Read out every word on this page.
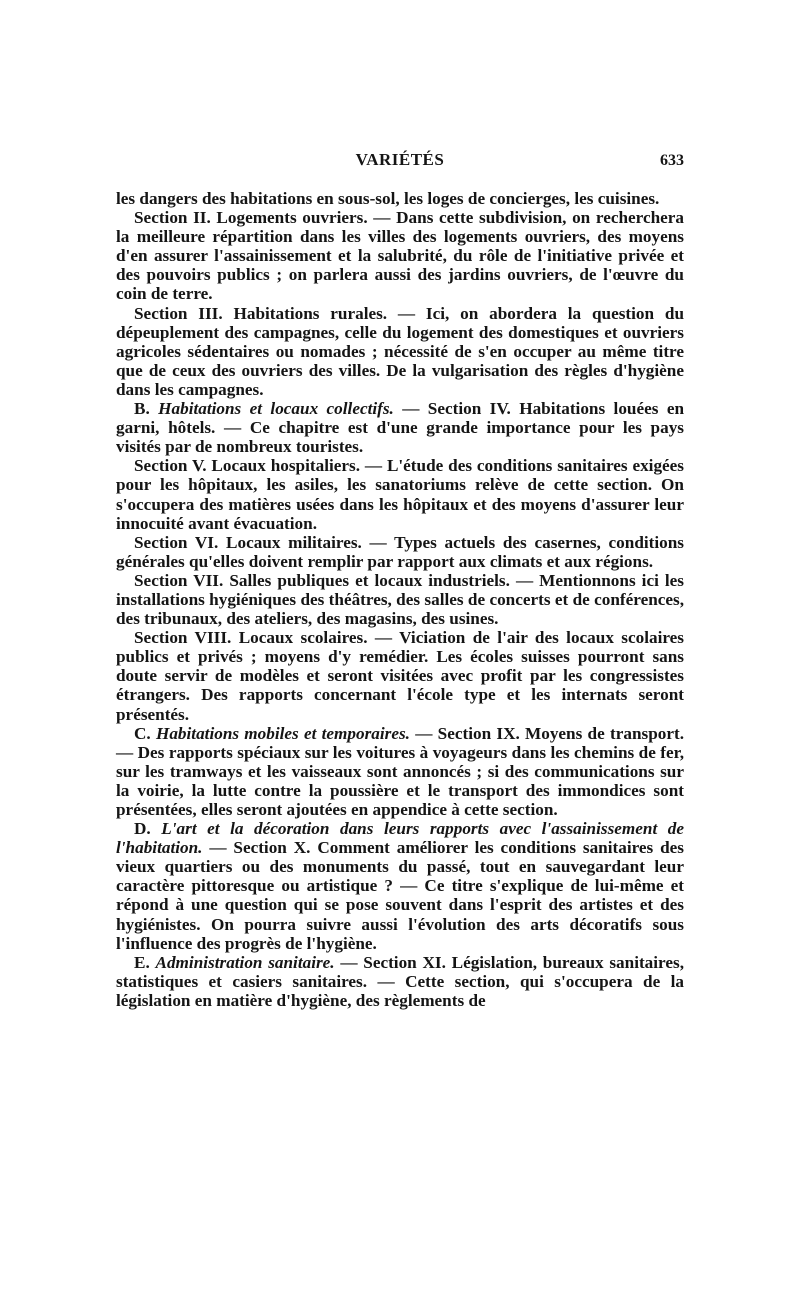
VARIÉTÉS	633

les dangers des habitations en sous-sol, les loges de concierges, les cuisines.

Section II. Logements ouvriers. — Dans cette subdivision, on recherchera la meilleure répartition dans les villes des logements ouvriers, des moyens d'en assurer l'assainissement et la salubrité, du rôle de l'initiative privée et des pouvoirs publics ; on parlera aussi des jardins ouvriers, de l'œuvre du coin de terre.

Section III. Habitations rurales. — Ici, on abordera la question du dépeuplement des campagnes, celle du logement des domestiques et ouvriers agricoles sédentaires ou nomades ; nécessité de s'en occuper au même titre que de ceux des ouvriers des villes. De la vulgarisation des règles d'hygiène dans les campagnes.

B. Habitations et locaux collectifs. — Section IV. Habitations louées en garni, hôtels. — Ce chapitre est d'une grande importance pour les pays visités par de nombreux touristes.

Section V. Locaux hospitaliers. — L'étude des conditions sanitaires exigées pour les hôpitaux, les asiles, les sanatoriums relève de cette section. On s'occupera des matières usées dans les hôpitaux et des moyens d'assurer leur innocuité avant évacuation.

Section VI. Locaux militaires. — Types actuels des casernes, conditions générales qu'elles doivent remplir par rapport aux climats et aux régions.

Section VII. Salles publiques et locaux industriels. — Mentionnons ici les installations hygiéniques des théâtres, des salles de concerts et de conférences, des tribunaux, des ateliers, des magasins, des usines.

Section VIII. Locaux scolaires. — Viciation de l'air des locaux scolaires publics et privés ; moyens d'y remédier. Les écoles suisses pourront sans doute servir de modèles et seront visitées avec profit par les congressistes étrangers. Des rapports concernant l'école type et les internats seront présentés.

C. Habitations mobiles et temporaires. — Section IX. Moyens de transport. — Des rapports spéciaux sur les voitures à voyageurs dans les chemins de fer, sur les tramways et les vaisseaux sont annoncés ; si des communications sur la voirie, la lutte contre la poussière et le transport des immondices sont présentées, elles seront ajoutées en appendice à cette section.

D. L'art et la décoration dans leurs rapports avec l'assainissement de l'habitation. — Section X. Comment améliorer les conditions sanitaires des vieux quartiers ou des monuments du passé, tout en sauvegardant leur caractère pittoresque ou artistique ? — Ce titre s'explique de lui-même et répond à une question qui se pose souvent dans l'esprit des artistes et des hygiénistes. On pourra suivre aussi l'évolution des arts décoratifs sous l'influence des progrès de l'hygiène.

E. Administration sanitaire. — Section XI. Législation, bureaux sanitaires, statistiques et casiers sanitaires. — Cette section, qui s'occupera de la législation en matière d'hygiène, des règlements de
